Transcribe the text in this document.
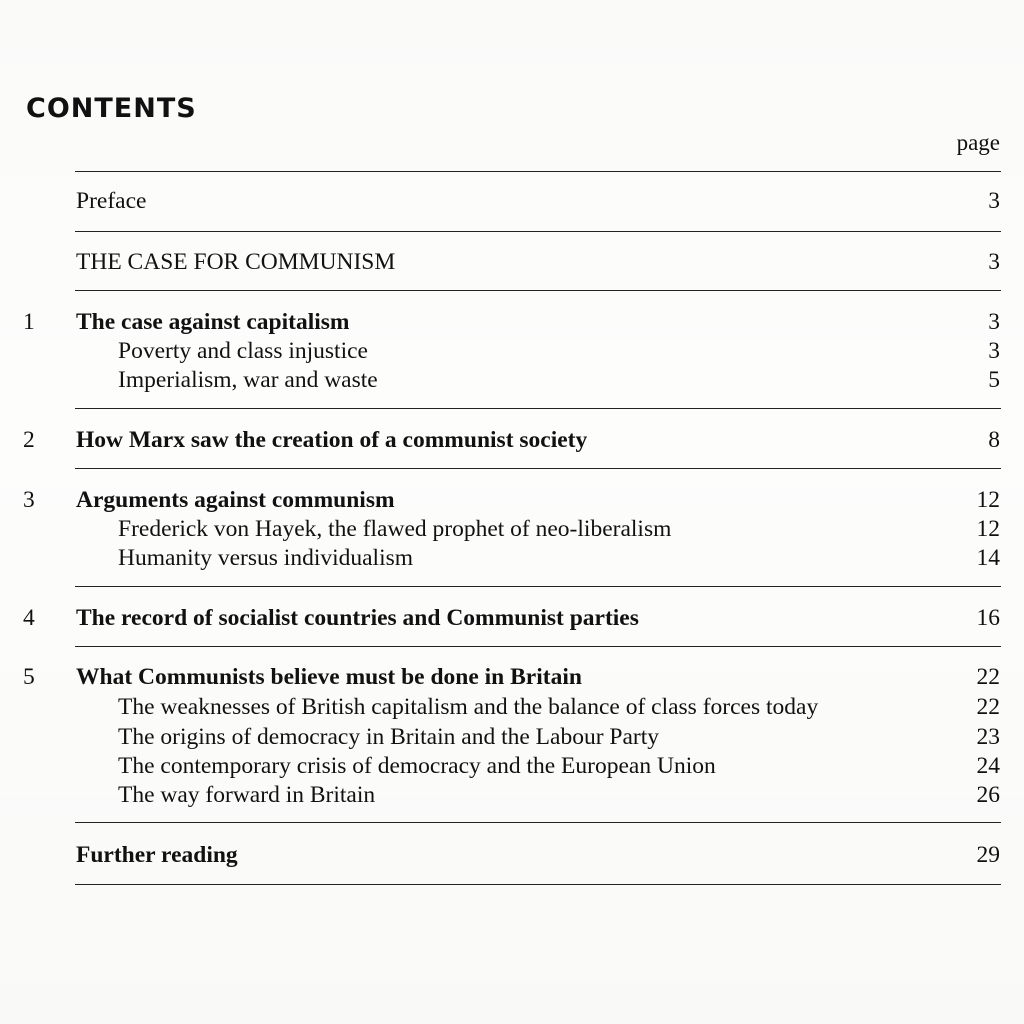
CONTENTS
page
Preface	3
THE CASE FOR COMMUNISM	3
1	The case against capitalism	3
Poverty and class injustice	3
Imperialism, war and waste	5
2	How Marx saw the creation of a communist society	8
3	Arguments against communism	12
Frederick von Hayek, the flawed prophet of neo-liberalism	12
Humanity versus individualism	14
4	The record of socialist countries and Communist parties	16
5	What Communists believe must be done in Britain	22
The weaknesses of British capitalism and the balance of class forces today	22
The origins of democracy in Britain and the Labour Party	23
The contemporary crisis of democracy and the European Union	24
The way forward in Britain	26
Further reading	29
